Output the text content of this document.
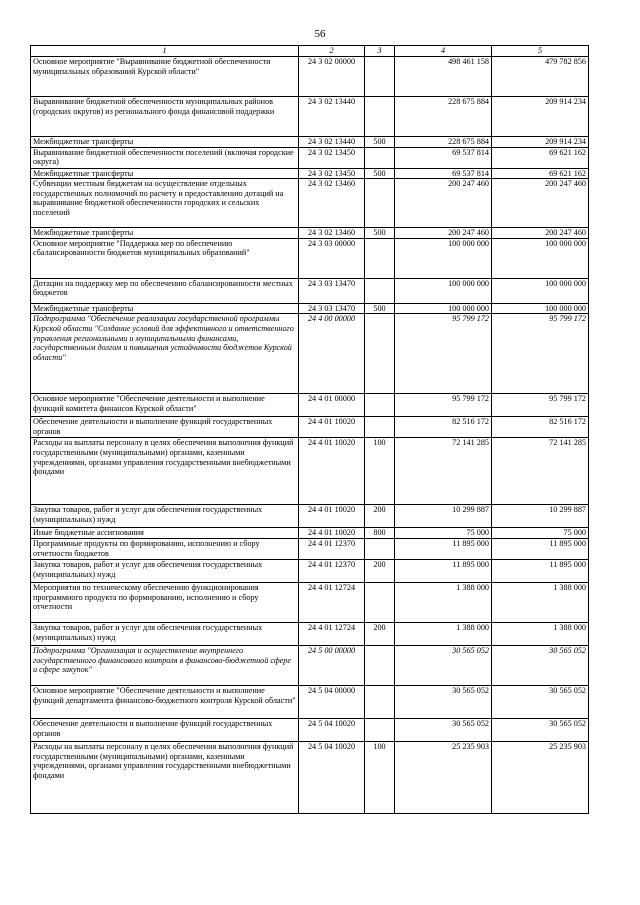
56
1	2	3	4	5
Основное мероприятие "Выравнивание бюджетной обеспеченности муниципальных образований Курской области"	24 3 02 00000		498 461 158	479 782 856
Выравнивание бюджетной обеспеченности муниципальных районов (городских округов) из регионального фонда финансовой поддержки	24 3 02 13440		228 675 884	209 914 234
Межбюджетные трансферты	24 3 02 13440	500	228 675 884	209 914 234
Выравнивание бюджетной обеспеченности поселений (включая городские округа)	24 3 02 13450		69 537 814	69 621 162
Межбюджетные трансферты	24 3 02 13450	500	69 537 814	69 621 162
Субвенции местным бюджетам на осуществление отдельных государственных полномочий по расчету и предоставлению дотаций на выравнивание бюджетной обеспеченности городских и сельских поселений	24 3 02 13460		200 247 460	200 247 460
Межбюджетные трансферты	24 3 02 13460	500	200 247 460	200 247 460
Основное мероприятие "Поддержка мер по обеспечению сбалансированности бюджетов муниципальных образований"	24 3 03 00000		100 000 000	100 000 000
Дотации на поддержку мер по обеспечению сбалансированности местных бюджетов	24 3 03 13470		100 000 000	100 000 000
Межбюджетные трансферты	24 3 03 13470	500	100 000 000	100 000 000
Подпрограмма "Обеспечение реализации государственной программы Курской области "Создание условий для эффективного и ответственного управления региональными и муниципальными финансами, государственным долгом и повышения устойчивости бюджетов Курской области"	24 4 00 00000		95 799 172	95 799 172
Основное мероприятие "Обеспечение деятельности и выполнение функций комитета финансов Курской области"	24 4 01 00000		95 799 172	95 799 172
Обеспечение деятельности и выполнение функций государственных органов	24 4 01 10020		82 516 172	82 516 172
Расходы на выплаты персоналу в целях обеспечения выполнения функций государственными (муниципальными) органами, казенными учреждениями, органами управления государственными внебюджетными фондами	24 4 01 10020	100	72 141 285	72 141 285
Закупка товаров, работ и услуг для обеспечения государственных (муниципальных) нужд	24 4 01 10020	200	10 299 887	10 299 887
Иные бюджетные ассигнования	24 4 01 10020	800	75 000	75 000
Программные продукты по формированию, исполнению и сбору отчетности бюджетов	24 4 01 12370		11 895 000	11 895 000
Закупка товаров, работ и услуг для обеспечения государственных (муниципальных) нужд	24 4 01 12370	200	11 895 000	11 895 000
Мероприятия по техническому обеспечению функционирования программного продукта по формированию, исполнению и сбору отчетности	24 4 01 12724		1 388 000	1 388 000
Закупка товаров, работ и услуг для обеспечения государственных (муниципальных) нужд	24 4 01 12724	200	1 388 000	1 388 000
Подпрограмма "Организация и осуществление внутреннего государственного финансового контроля в финансово-бюджетной сфере и сфере закупок"	24 5 00 00000		30 565 052	30 565 052
Основное мероприятие "Обеспечение деятельности и выполнение функций департамента финансово-бюджетного контроля Курской области"	24 5 04 00000		30 565 052	30 565 052
Обеспечение деятельности и выполнение функций государственных органов	24 5 04 10020		30 565 052	30 565 052
Расходы на выплаты персоналу в целях обеспечения выполнения функций государственными (муниципальными) органами, казенными учреждениями, органами управления государственными внебюджетными фондами	24 5 04 10020	100	25 235 903	25 235 903
